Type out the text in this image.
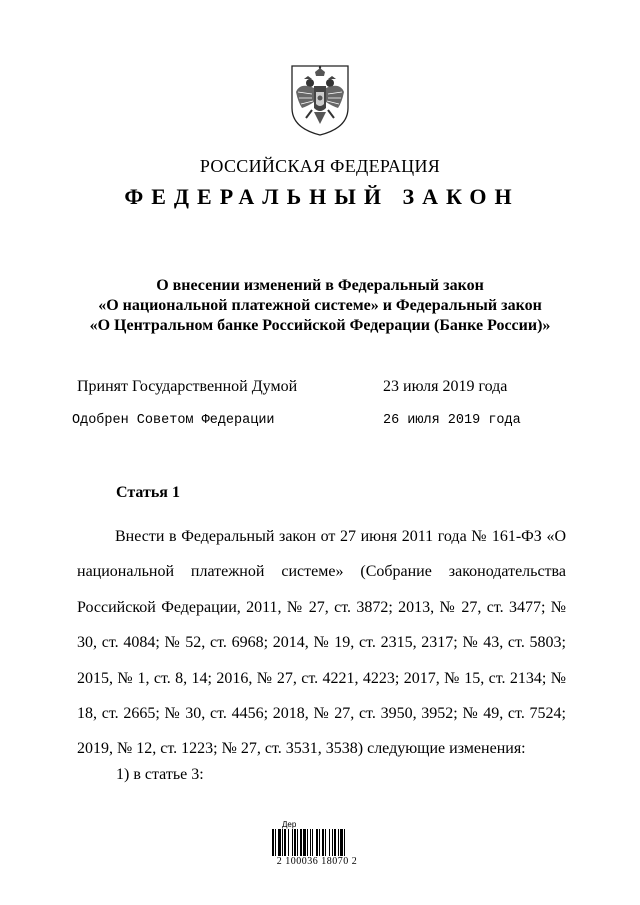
РОССИЙСКАЯ ФЕДЕРАЦИЯ
ФЕДЕРАЛЬНЫЙ ЗАКОН
О внесении изменений в Федеральный закон
«О национальной платежной системе» и Федеральный закон
«О Центральном банке Российской Федерации (Банке России)»
Принят Государственной Думой	23 июля 2019 года
Одобрен Советом Федерации	26 июля 2019 года
Статья 1
Внести в Федеральный закон от 27 июня 2011 года № 161-ФЗ «О национальной платежной системе» (Собрание законодательства Российской Федерации, 2011, № 27, ст. 3872; 2013, № 27, ст. 3477; № 30, ст. 4084; № 52, ст. 6968; 2014, № 19, ст. 2315, 2317; № 43, ст. 5803; 2015, № 1, ст. 8, 14; 2016, № 27, ст. 4221, 4223; 2017, № 15, ст. 2134; № 18, ст. 2665; № 30, ст. 4456; 2018, № 27, ст. 3950, 3952; № 49, ст. 7524; 2019, № 12, ст. 1223; № 27, ст. 3531, 3538) следующие изменения:
1) в статье 3:
Дер
2 100036 18070 2
